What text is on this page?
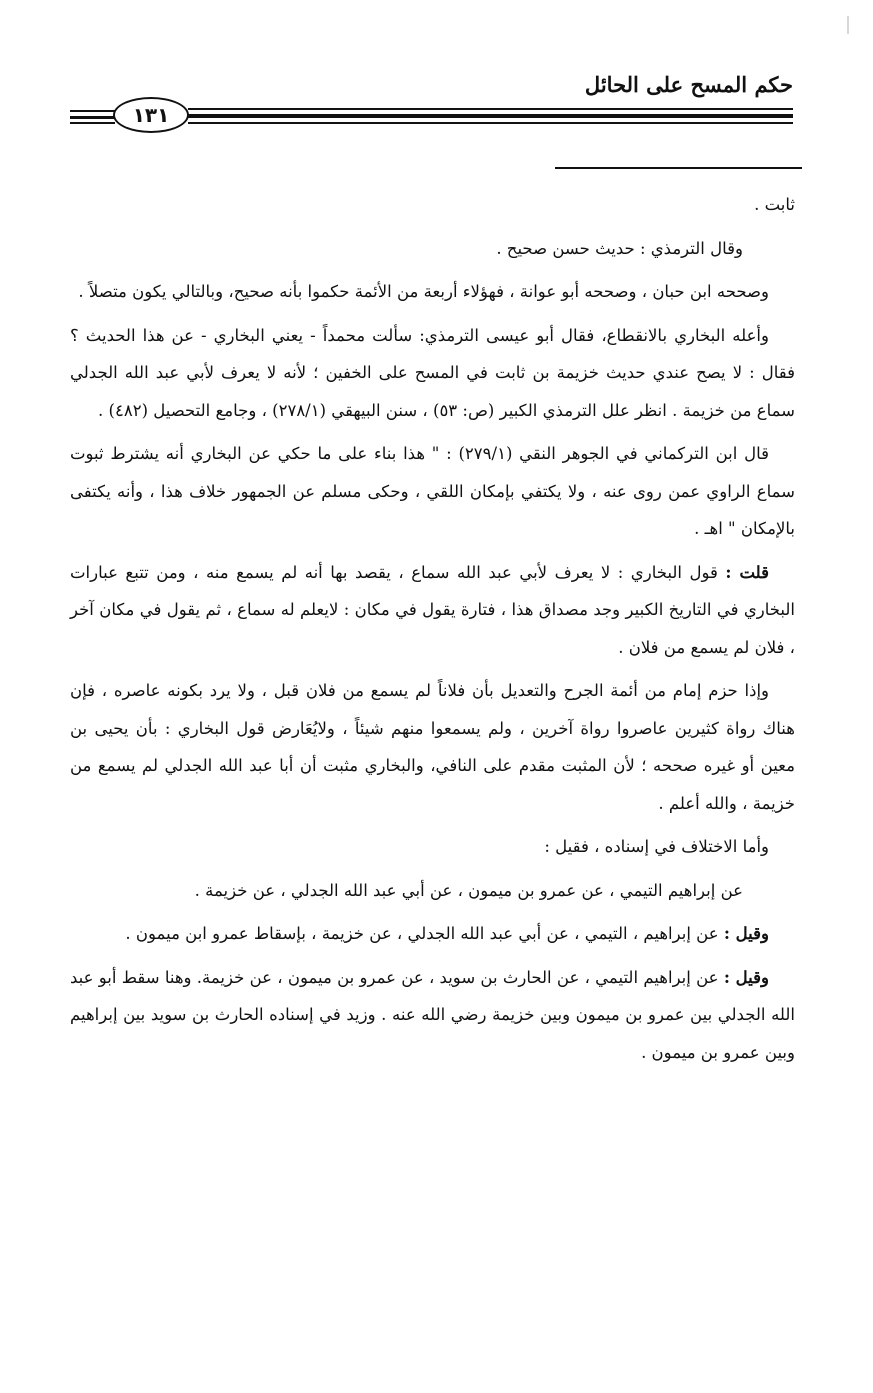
حكم المسح على الحائل
١٣١

ثابت .

وقال الترمذي : حديث حسن صحيح .

وصححه ابن حبان ، وصححه أبو عوانة ، فهؤلاء أربعة من الأئمة حكموا بأنه صحيح، وبالتالي يكون متصلاً .

وأعله البخاري بالانقطاع، فقال أبو عيسى الترمذي: سألت محمداً - يعني البخاري - عن هذا الحديث ؟ فقال : لا يصح عندي حديث خزيمة بن ثابت في المسح على الخفين ؛ لأنه لا يعرف لأبي عبد الله الجدلي سماع من خزيمة . انظر علل الترمذي الكبير (ص: ٥٣) ، سنن البيهقي (٢٧٨/١) ، وجامع التحصيل (٤٨٢) .

قال ابن التركماني في الجوهر النقي (٢٧٩/١) : " هذا بناء على ما حكي عن البخاري أنه يشترط ثبوت سماع الراوي عمن روى عنه ، ولا يكتفي بإمكان اللقي ، وحكى مسلم عن الجمهور خلاف هذا ، وأنه يكتفى بالإمكان " اهـ .

قلت : قول البخاري : لا يعرف لأبي عبد الله سماع ، يقصد بها أنه لم يسمع منه ، ومن تتبع عبارات البخاري في التاريخ الكبير وجد مصداق هذا ، فتارة يقول في مكان : لايعلم له سماع ، ثم يقول في مكان آخر ، فلان لم يسمع من فلان .

وإذا حزم إمام من أئمة الجرح والتعديل بأن فلاناً لم يسمع من فلان قبل ، ولا يرد بكونه عاصره ، فإن هناك رواة كثيرين عاصروا رواة آخرين ، ولم يسمعوا منهم شيئاً ، ولايُعَارض قول البخاري : بأن يحيى بن معين أو غيره صححه ؛ لأن المثبت مقدم على النافي، والبخاري مثبت أن أبا عبد الله الجدلي لم يسمع من خزيمة ، والله أعلم .

وأما الاختلاف في إسناده ، فقيل :

عن إبراهيم التيمي ، عن عمرو بن ميمون ، عن أبي عبد الله الجدلي ، عن خزيمة .

وقيل : عن إبراهيم ، التيمي ، عن أبي عبد الله الجدلي ، عن خزيمة ، بإسقاط عمرو ابن ميمون .

وقيل : عن إبراهيم التيمي ، عن الحارث بن سويد ، عن عمرو بن ميمون ، عن خزيمة. وهنا سقط أبو عبد الله الجدلي بين عمرو بن ميمون وبين خزيمة رضي الله عنه . وزيد في إسناده الحارث بن سويد بين إبراهيم وبين عمرو بن ميمون .
